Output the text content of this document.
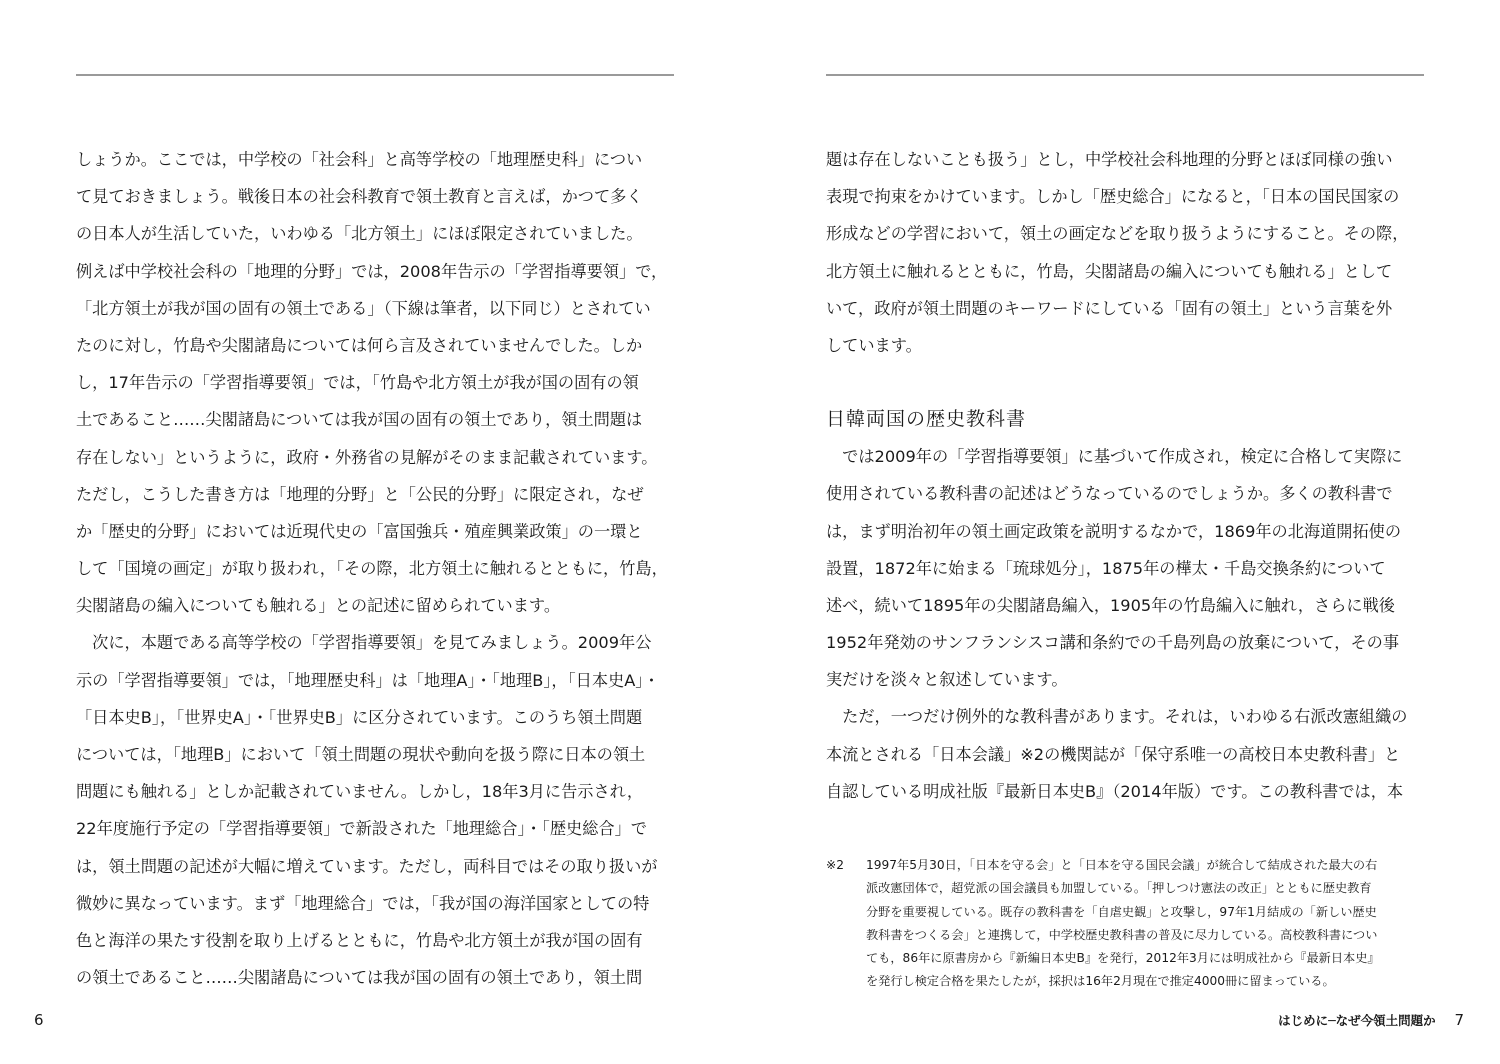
しょうか。ここでは，中学校の「社会科」と高等学校の「地理歴史科」につい
て見ておきましょう。戦後日本の社会科教育で領土教育と言えば，かつて多く
の日本人が生活していた，いわゆる「北方領土」にほぼ限定されていました。
例えば中学校社会科の「地理的分野」では，2008年告示の「学習指導要領」で，
「北方領土が我が国の固有の領土である」（下線は筆者，以下同じ）とされてい
たのに対し，竹島や尖閣諸島については何ら言及されていませんでした。しか
し，17年告示の「学習指導要領」では，「竹島や北方領土が我が国の固有の領
土であること……尖閣諸島については我が国の固有の領土であり，領土問題は
存在しない」というように，政府・外務省の見解がそのまま記載されています。
ただし，こうした書き方は「地理的分野」と「公民的分野」に限定され，なぜ
か「歴史的分野」においては近現代史の「富国強兵・殖産興業政策」の一環と
して「国境の画定」が取り扱われ，「その際，北方領土に触れるとともに，竹島，
尖閣諸島の編入についても触れる」との記述に留められています。
　次に，本題である高等学校の「学習指導要領」を見てみましょう。2009年公
示の「学習指導要領」では，「地理歴史科」は「地理A」・「地理B」，「日本史A」・
「日本史B」，「世界史A」・「世界史B」に区分されています。このうち領土問題
については，「地理B」において「領土問題の現状や動向を扱う際に日本の領土
問題にも触れる」としか記載されていません。しかし，18年3月に告示され，
22年度施行予定の「学習指導要領」で新設された「地理総合」・「歴史総合」で
は，領土問題の記述が大幅に増えています。ただし，両科目ではその取り扱いが
微妙に異なっています。まず「地理総合」では，「我が国の海洋国家としての特
色と海洋の果たす役割を取り上げるとともに，竹島や北方領土が我が国の固有
の領土であること……尖閣諸島については我が国の固有の領土であり，領土問
題は存在しないことも扱う」とし，中学校社会科地理的分野とほぼ同様の強い
表現で拘束をかけています。しかし「歴史総合」になると，「日本の国民国家の
形成などの学習において，領土の画定などを取り扱うようにすること。その際，
北方領土に触れるとともに，竹島，尖閣諸島の編入についても触れる」として
いて，政府が領土問題のキーワードにしている「固有の領土」という言葉を外
しています。
日韓両国の歴史教科書
　では2009年の「学習指導要領」に基づいて作成され，検定に合格して実際に
使用されている教科書の記述はどうなっているのでしょうか。多くの教科書で
は，まず明治初年の領土画定政策を説明するなかで，1869年の北海道開拓使の
設置，1872年に始まる「琉球処分」，1875年の樺太・千島交換条約について
述べ，続いて1895年の尖閣諸島編入，1905年の竹島編入に触れ，さらに戦後
1952年発効のサンフランシスコ講和条約での千島列島の放棄について，その事
実だけを淡々と叙述しています。
　ただ，一つだけ例外的な教科書があります。それは，いわゆる右派改憲組織の
本流とされる「日本会議」※2の機関誌が「保守系唯一の高校日本史教科書」と
自認している明成社版『最新日本史B』（2014年版）です。この教科書では，本
※2 1997年5月30日，「日本を守る会」と「日本を守る国民会議」が統合して結成された最大の右
派改憲団体で，超党派の国会議員も加盟している。「押しつけ憲法の改正」とともに歴史教育
分野を重要視している。既存の教科書を「自虐史観」と攻撃し，97年1月結成の「新しい歴史
教科書をつくる会」と連携して，中学校歴史教科書の普及に尽力している。高校教科書につい
ても，86年に原書房から『新編日本史B』を発行，2012年3月には明成社から『最新日本史』
を発行し検定合格を果たしたが，採択は16年2月現在で推定4000冊に留まっている。
6	はじめに─なぜ今領土問題か 7
